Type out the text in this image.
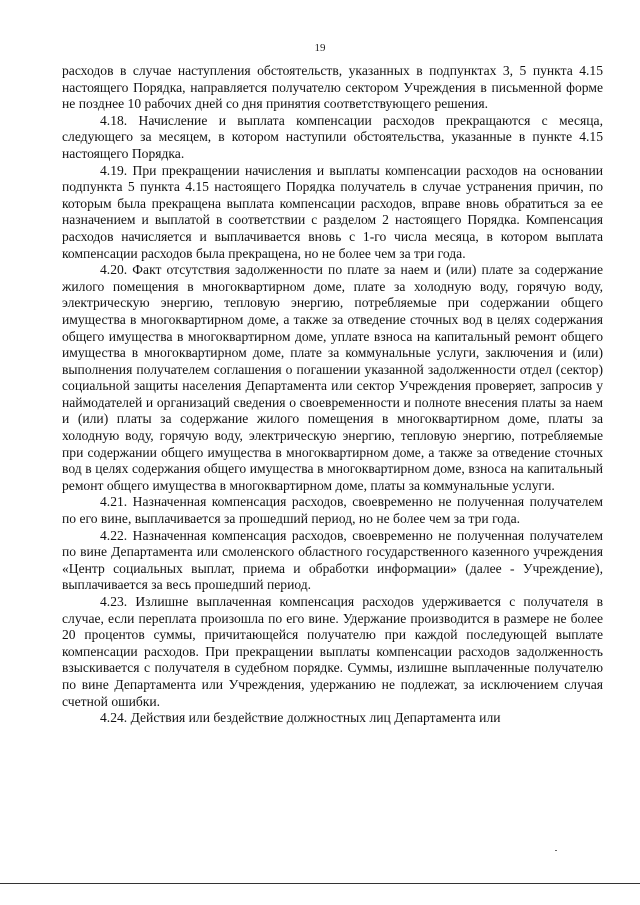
19

расходов в случае наступления обстоятельств, указанных в подпунктах 3, 5 пункта 4.15 настоящего Порядка, направляется получателю сектором Учреждения в письменной форме не позднее 10 рабочих дней со дня принятия соответствующего решения.

4.18. Начисление и выплата компенсации расходов прекращаются с месяца, следующего за месяцем, в котором наступили обстоятельства, указанные в пункте 4.15 настоящего Порядка.

4.19. При прекращении начисления и выплаты компенсации расходов на основании подпункта 5 пункта 4.15 настоящего Порядка получатель в случае устранения причин, по которым была прекращена выплата компенсации расходов, вправе вновь обратиться за ее назначением и выплатой в соответствии с разделом 2 настоящего Порядка. Компенсация расходов начисляется и выплачивается вновь с 1-го числа месяца, в котором выплата компенсации расходов была прекращена, но не более чем за три года.

4.20. Факт отсутствия задолженности по плате за наем и (или) плате за содержание жилого помещения в многоквартирном доме, плате за холодную воду, горячую воду, электрическую энергию, тепловую энергию, потребляемые при содержании общего имущества в многоквартирном доме, а также за отведение сточных вод в целях содержания общего имущества в многоквартирном доме, уплате взноса на капитальный ремонт общего имущества в многоквартирном доме, плате за коммунальные услуги, заключения и (или) выполнения получателем соглашения о погашении указанной задолженности отдел (сектор) социальной защиты населения Департамента или сектор Учреждения проверяет, запросив у наймодателей и организаций сведения о своевременности и полноте внесения платы за наем и (или) платы за содержание жилого помещения в многоквартирном доме, платы за холодную воду, горячую воду, электрическую энергию, тепловую энергию, потребляемые при содержании общего имущества в многоквартирном доме, а также за отведение сточных вод в целях содержания общего имущества в многоквартирном доме, взноса на капитальный ремонт общего имущества в многоквартирном доме, платы за коммунальные услуги.

4.21. Назначенная компенсация расходов, своевременно не полученная получателем по его вине, выплачивается за прошедший период, но не более чем за три года.

4.22. Назначенная компенсация расходов, своевременно не полученная получателем по вине Департамента или смоленского областного государственного казенного учреждения «Центр социальных выплат, приема и обработки информации» (далее - Учреждение), выплачивается за весь прошедший период.

4.23. Излишне выплаченная компенсация расходов удерживается с получателя в случае, если переплата произошла по его вине. Удержание производится в размере не более 20 процентов суммы, причитающейся получателю при каждой последующей выплате компенсации расходов. При прекращении выплаты компенсации расходов задолженность взыскивается с получателя в судебном порядке. Суммы, излишне выплаченные получателю по вине Департамента или Учреждения, удержанию не подлежат, за исключением случая счетной ошибки.

4.24. Действия или бездействие должностных лиц Департамента или
